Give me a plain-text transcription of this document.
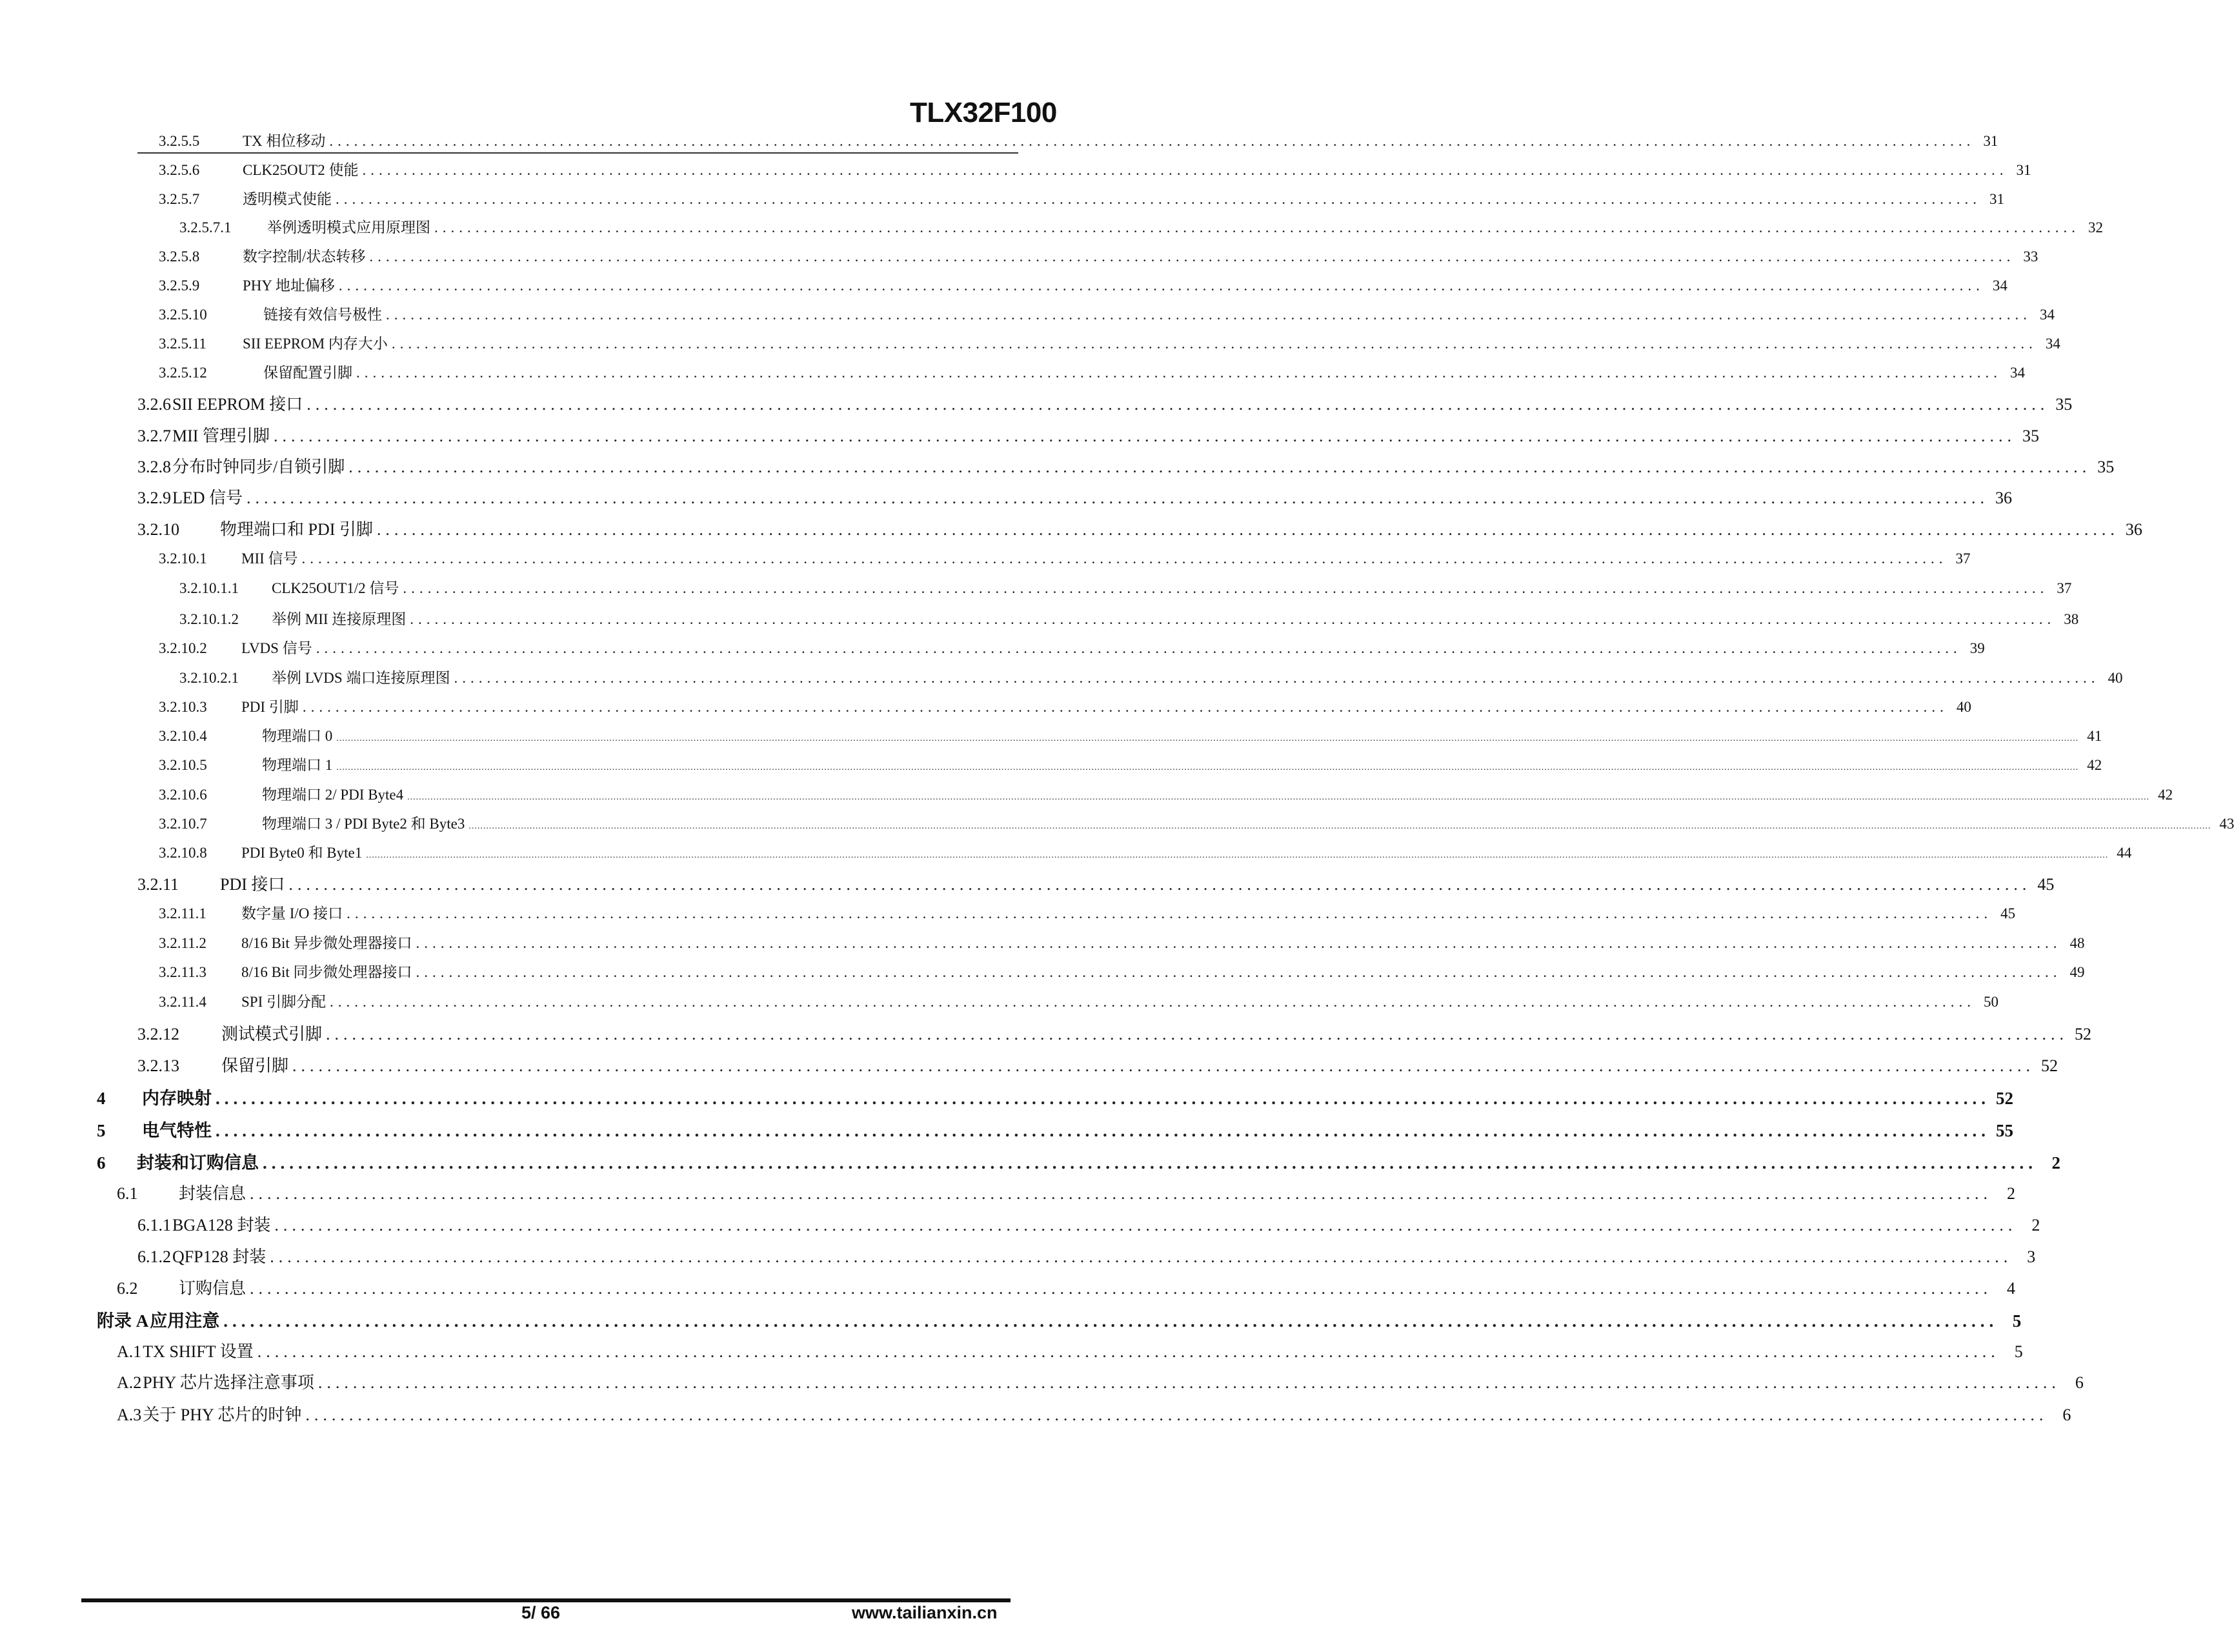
TLX32F100
3.2.5.5	TX 相位移动 ........................................................................................................................................................................................................ 31
3.2.5.6	CLK25OUT2 使能 ........................................................................................................................................................................................................ 31
3.2.5.7	透明模式使能 ........................................................................................................................................................................................................ 31
3.2.5.7.1	举例透明模式应用原理图 ........................................................................................................................................................................................................ 32
3.2.5.8	数字控制/状态转移 ........................................................................................................................................................................................................ 33
3.2.5.9	PHY 地址偏移 ........................................................................................................................................................................................................ 34
3.2.5.10	链接有效信号极性 ........................................................................................................................................................................................................ 34
3.2.5.11	SII EEPROM 内存大小 ........................................................................................................................................................................................................ 34
3.2.5.12	保留配置引脚 ........................................................................................................................................................................................................ 34
3.2.6 SII EEPROM 接口 ........................................................................................................................................................................................................ 35
3.2.7 MII 管理引脚 ........................................................................................................................................................................................................ 35
3.2.8 分布时钟同步/自锁引脚 ........................................................................................................................................................................................................ 35
3.2.9 LED 信号 ........................................................................................................................................................................................................ 36
3.2.10	物理端口和 PDI 引脚 ........................................................................................................................................................................................................ 36
3.2.10.1	MII 信号 ........................................................................................................................................................................................................ 37
3.2.10.1.1	CLK25OUT1/2 信号 ........................................................................................................................................................................................................ 37
3.2.10.1.2	举例 MII 连接原理图 ........................................................................................................................................................................................................ 38
3.2.10.2	LVDS 信号 ........................................................................................................................................................................................................ 39
3.2.10.2.1	举例 LVDS 端口连接原理图 ........................................................................................................................................................................................................ 40
3.2.10.3	PDI 引脚 ........................................................................................................................................................................................................ 40
3.2.10.4	物理端口 0 ........................................................................................................................................................................................................................................................................................................................................................................................................................................................................................................................................................................................................................ 41
3.2.10.5	物理端口 1 ........................................................................................................................................................................................................................................................................................................................................................................................................................................................................................................................................................................................................................ 42
3.2.10.6	物理端口 2/ PDI Byte4 ........................................................................................................................................................................................................................................................................................................................................................................................................................................................................................................................................................................................................................ 42
3.2.10.7	物理端口 3 / PDI Byte2 和 Byte3 ........................................................................................................................................................................................................................................................................................................................................................................................................................................................................................................................................................................................................................ 43
3.2.10.8	PDI Byte0 和 Byte1 ........................................................................................................................................................................................................................................................................................................................................................................................................................................................................................................................................................................................................................ 44
3.2.11	PDI 接口 ........................................................................................................................................................................................................ 45
3.2.11.1	数字量 I/O 接口 ........................................................................................................................................................................................................ 45
3.2.11.2	8/16 Bit 异步微处理器接口 ........................................................................................................................................................................................................ 48
3.2.11.3	8/16 Bit 同步微处理器接口 ........................................................................................................................................................................................................ 49
3.2.11.4	SPI 引脚分配 ........................................................................................................................................................................................................ 50
3.2.12	测试模式引脚 ........................................................................................................................................................................................................ 52
3.2.13	保留引脚 ........................................................................................................................................................................................................ 52
4	内存映射 ........................................................................................................................................................................................................ 52
5	电气特性 ........................................................................................................................................................................................................ 55
6	封装和订购信息 ........................................................................................................................................................................................................ 2
6.1	封装信息 ........................................................................................................................................................................................................ 2
6.1.1 BGA128 封装 ........................................................................................................................................................................................................ 2
6.1.2 QFP128 封装 ........................................................................................................................................................................................................ 3
6.2	订购信息 ........................................................................................................................................................................................................ 4
附录 A 应用注意 ........................................................................................................................................................................................................ 5
A.1 TX SHIFT 设置 ........................................................................................................................................................................................................ 5
A.2 PHY 芯片选择注意事项 ........................................................................................................................................................................................................ 6
A.3 关于 PHY 芯片的时钟 ........................................................................................................................................................................................................ 6
5/ 66	www.tailianxin.cn
